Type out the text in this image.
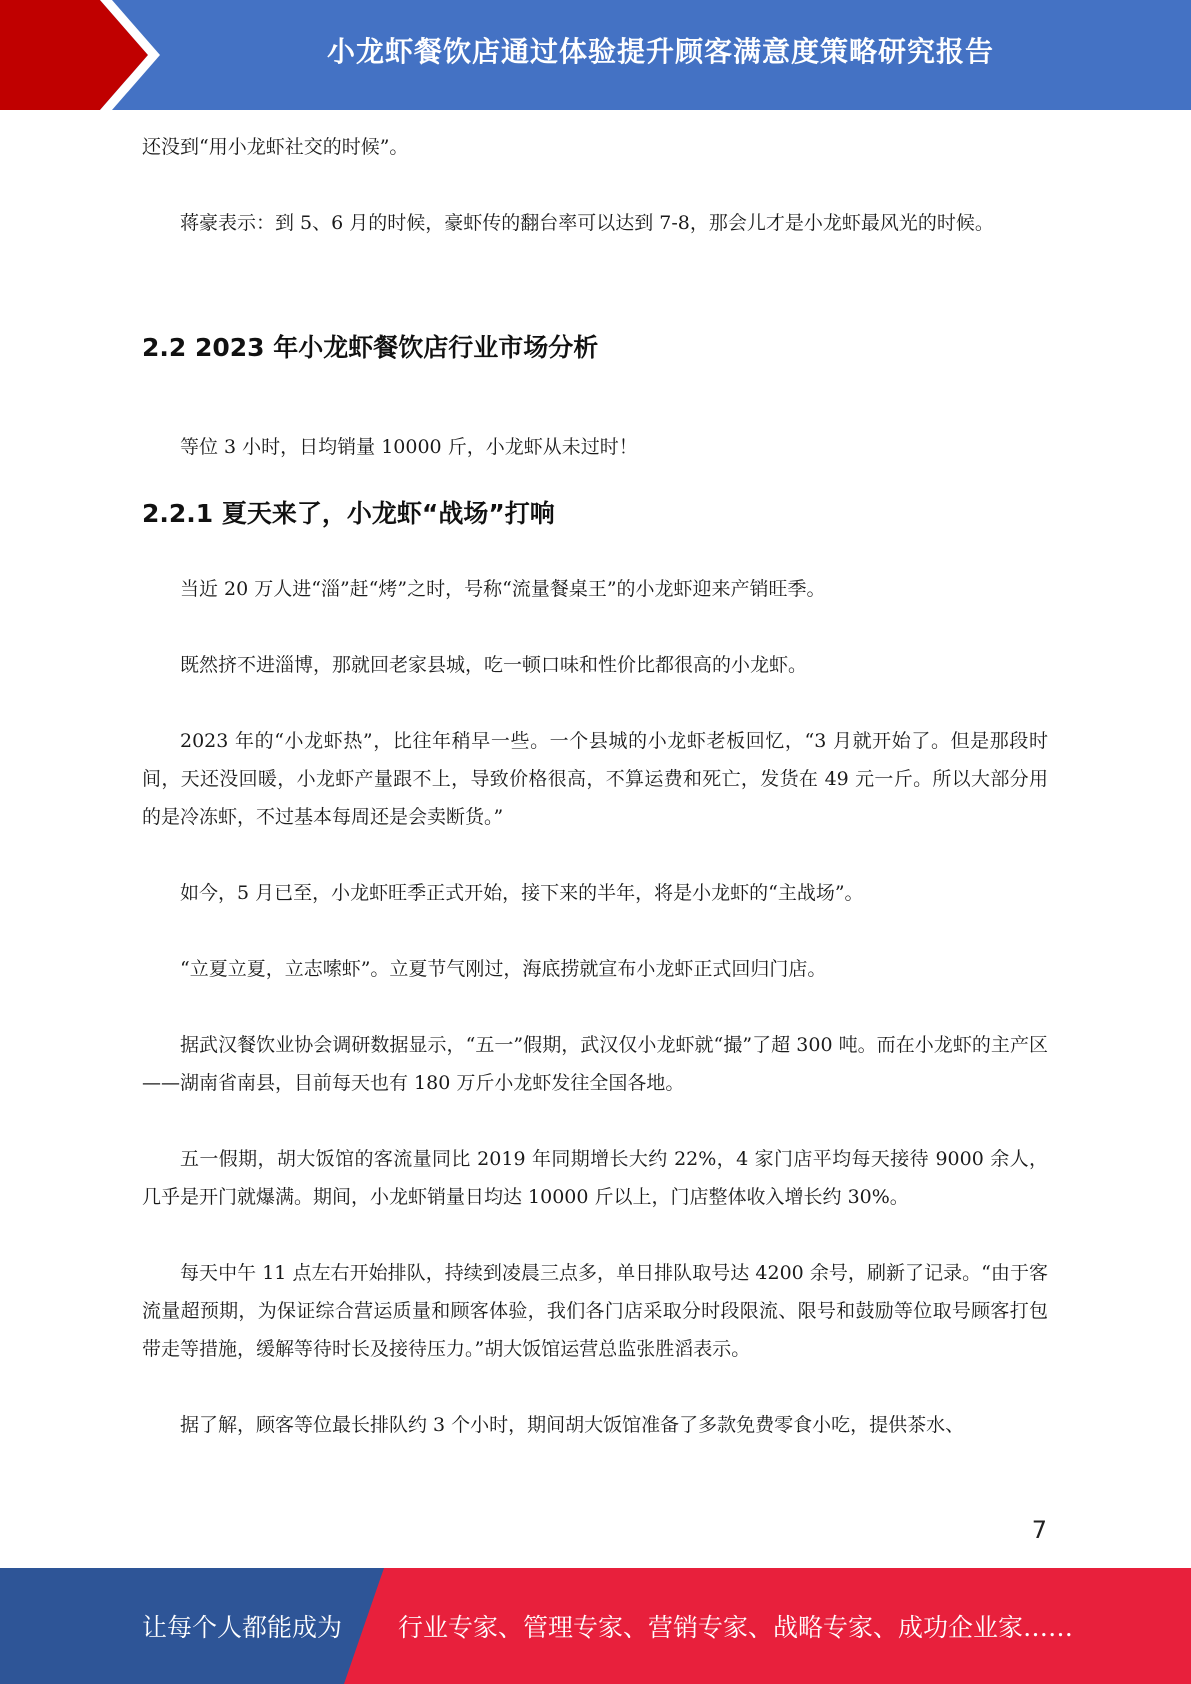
小龙虾餐饮店通过体验提升顾客满意度策略研究报告

还没到“用小龙虾社交的时候”。

蒋豪表示：到 5、6 月的时候，豪虾传的翻台率可以达到 7-8，那会儿才是小龙虾最风光的时候。

2.2 2023 年小龙虾餐饮店行业市场分析

等位 3 小时，日均销量 10000 斤，小龙虾从未过时！

2.2.1 夏天来了，小龙虾“战场”打响

当近 20 万人进“淄”赶“烤”之时，号称“流量餐桌王”的小龙虾迎来产销旺季。

既然挤不进淄博，那就回老家县城，吃一顿口味和性价比都很高的小龙虾。

2023 年的“小龙虾热”，比往年稍早一些。一个县城的小龙虾老板回忆，“3 月就开始了。但是那段时间，天还没回暖，小龙虾产量跟不上，导致价格很高，不算运费和死亡，发货在 49 元一斤。所以大部分用的是冷冻虾，不过基本每周还是会卖断货。”

如今，5 月已至，小龙虾旺季正式开始，接下来的半年，将是小龙虾的“主战场”。

“立夏立夏，立志嗦虾”。立夏节气刚过，海底捞就宣布小龙虾正式回归门店。

据武汉餐饮业协会调研数据显示，“五一”假期，武汉仅小龙虾就“撮”了超 300 吨。而在小龙虾的主产区——湖南省南县，目前每天也有 180 万斤小龙虾发往全国各地。

五一假期，胡大饭馆的客流量同比 2019 年同期增长大约 22%，4 家门店平均每天接待 9000 余人，几乎是开门就爆满。期间，小龙虾销量日均达 10000 斤以上，门店整体收入增长约 30%。

每天中午 11 点左右开始排队，持续到凌晨三点多，单日排队取号达 4200 余号，刷新了记录。“由于客流量超预期，为保证综合营运质量和顾客体验，我们各门店采取分时段限流、限号和鼓励等位取号顾客打包带走等措施，缓解等待时长及接待压力。”胡大饭馆运营总监张胜滔表示。

据了解，顾客等位最长排队约 3 个小时，期间胡大饭馆准备了多款免费零食小吃，提供茶水、

7
让每个人都能成为 行业专家、管理专家、营销专家、战略专家、成功企业家……
